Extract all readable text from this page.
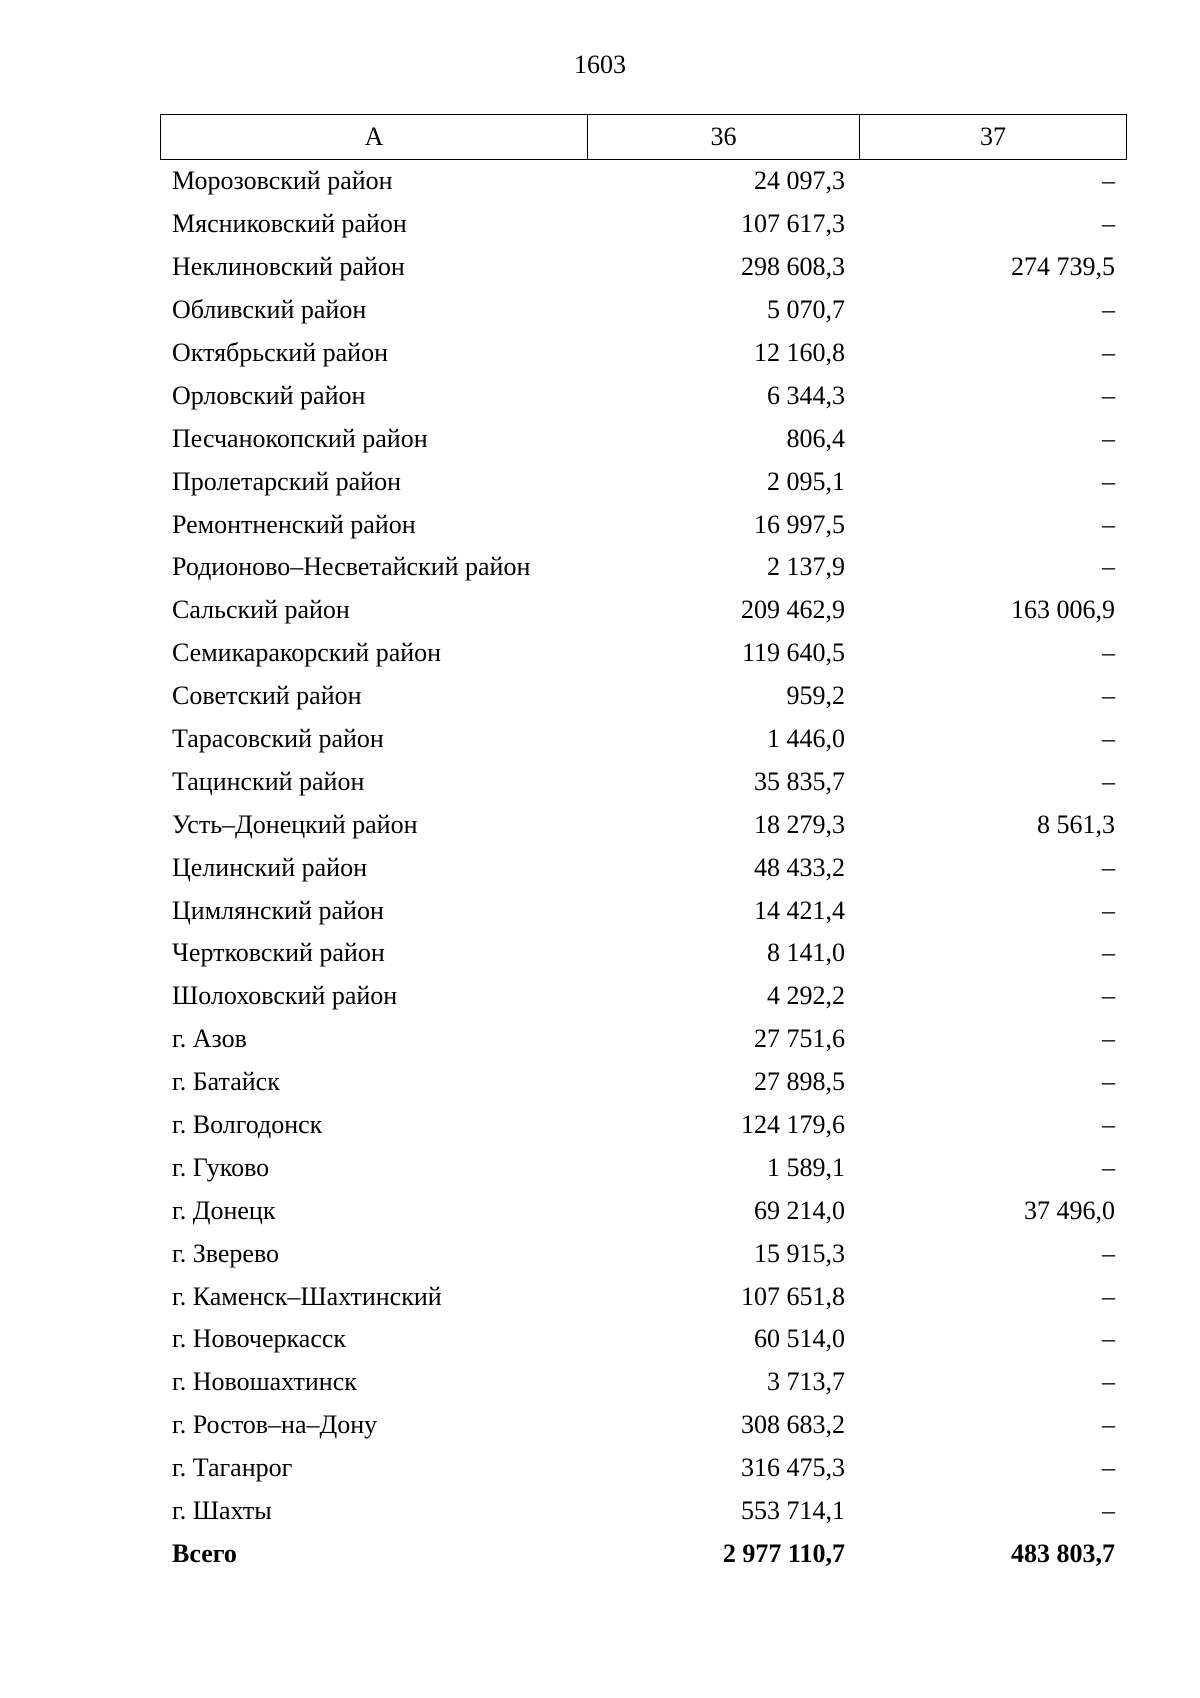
1603
А	36	37
Морозовский район	24 097,3	–
Мясниковский район	107 617,3	–
Неклиновский район	298 608,3	274 739,5
Обливский район	5 070,7	–
Октябрьский район	12 160,8	–
Орловский район	6 344,3	–
Песчанокопский район	806,4	–
Пролетарский район	2 095,1	–
Ремонтненский район	16 997,5	–
Родионово–Несветайский район	2 137,9	–
Сальский район	209 462,9	163 006,9
Семикаракорский район	119 640,5	–
Советский район	959,2	–
Тарасовский район	1 446,0	–
Тацинский район	35 835,7	–
Усть–Донецкий район	18 279,3	8 561,3
Целинский район	48 433,2	–
Цимлянский район	14 421,4	–
Чертковский район	8 141,0	–
Шолоховский район	4 292,2	–
г. Азов	27 751,6	–
г. Батайск	27 898,5	–
г. Волгодонск	124 179,6	–
г. Гуково	1 589,1	–
г. Донецк	69 214,0	37 496,0
г. Зверево	15 915,3	–
г. Каменск–Шахтинский	107 651,8	–
г. Новочеркасск	60 514,0	–
г. Новошахтинск	3 713,7	–
г. Ростов–на–Дону	308 683,2	–
г. Таганрог	316 475,3	–
г. Шахты	553 714,1	–
Всего	2 977 110,7	483 803,7
